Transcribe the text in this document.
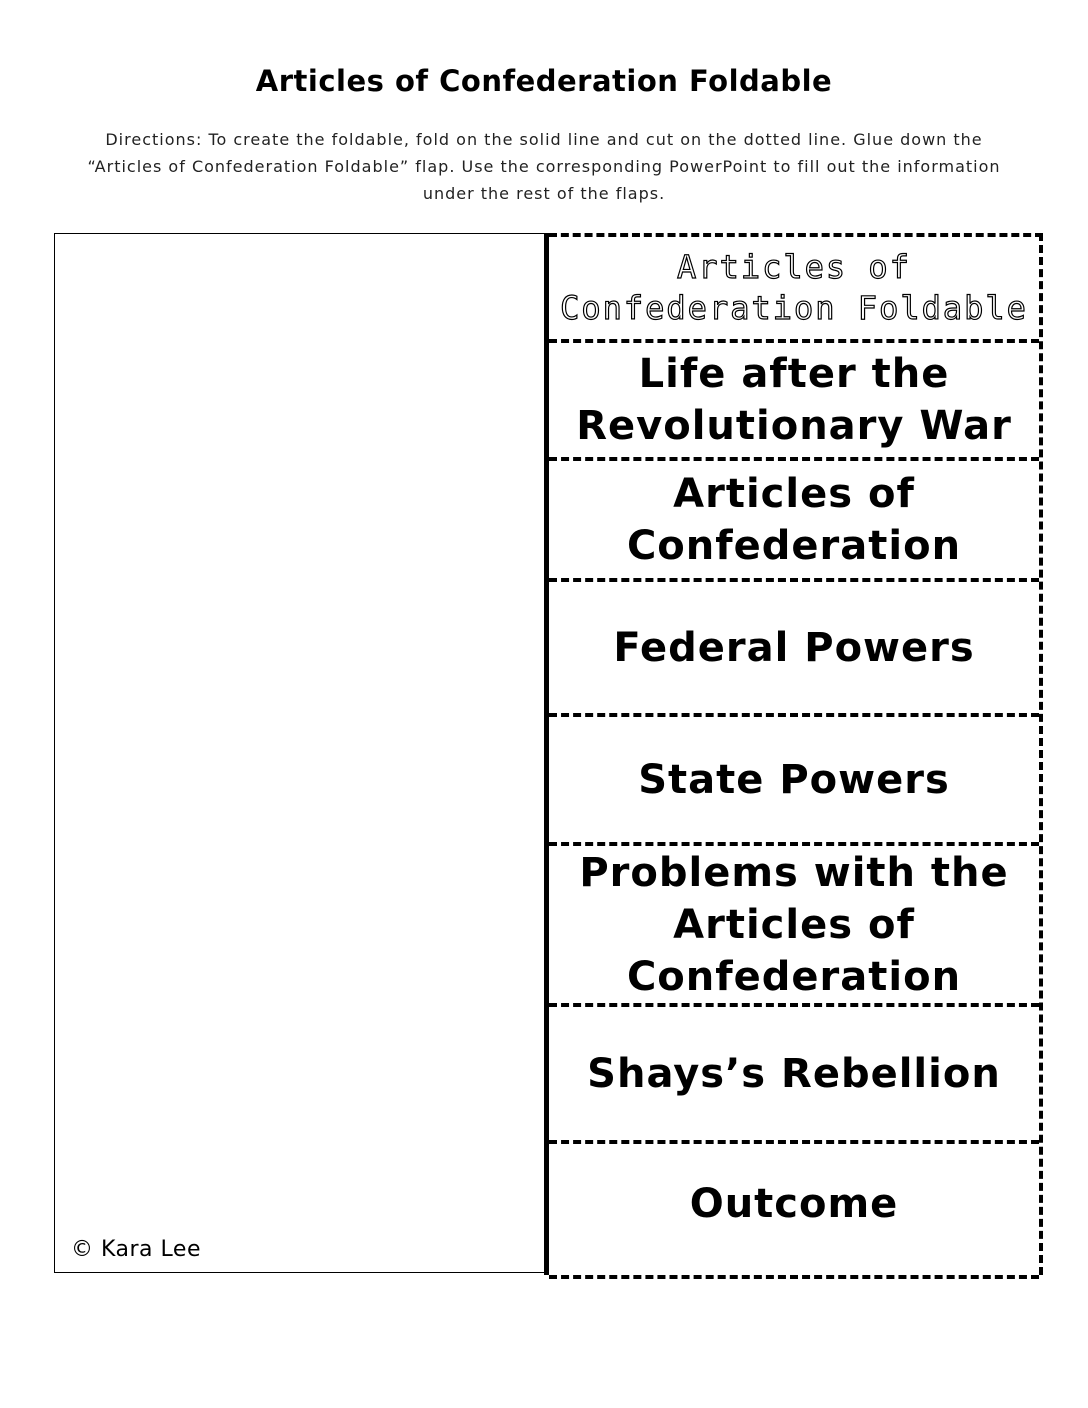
Articles of Confederation Foldable
Directions: To create the foldable, fold on the solid line and cut on the dotted line. Glue down the “Articles of Confederation Foldable” flap. Use the corresponding PowerPoint to fill out the information under the rest of the flaps.
© Kara Lee
Articles of Confederation Foldable
Life after the Revolutionary War
Articles of Confederation
Federal Powers
State Powers
Problems with the Articles of Confederation
Shays’s Rebellion
Outcome
